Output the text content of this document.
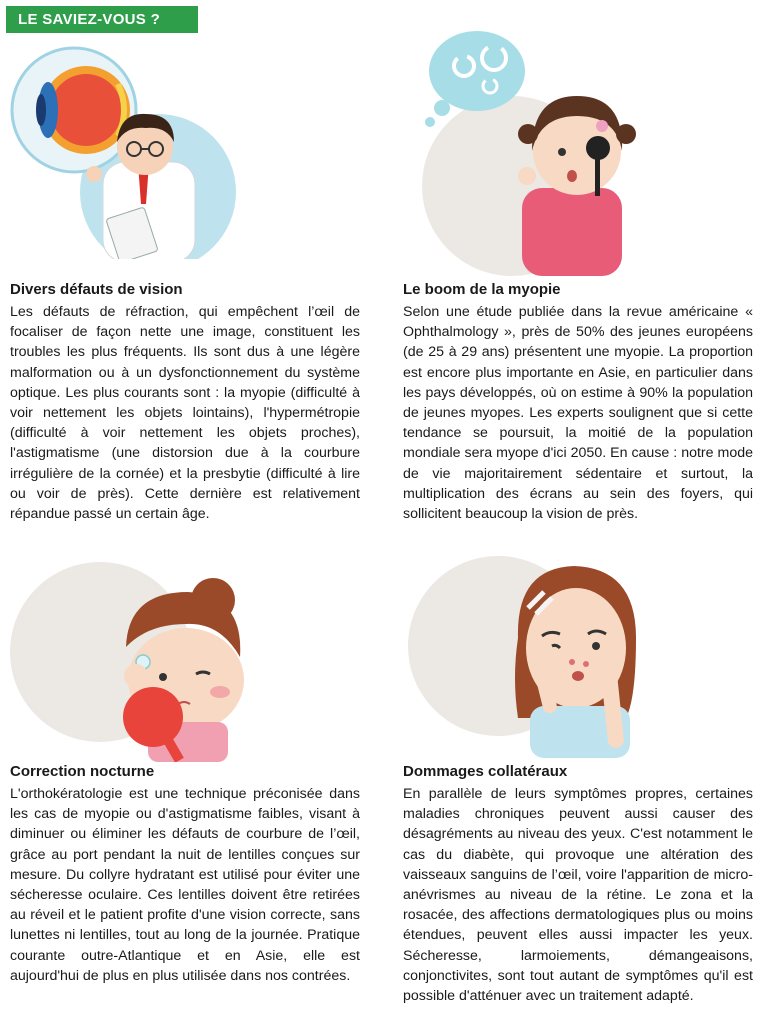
LE SAVIEZ-VOUS ?
Divers défauts de vision

Les défauts de réfraction, qui empêchent l’œil de focaliser de façon nette une image, constituent les troubles les plus fréquents. Ils sont dus à une légère malformation ou à un dysfonctionnement du système optique. Les plus courants sont : la myopie (difficulté à voir nettement les objets lointains), l'hypermétropie (difficulté à voir nettement les objets proches), l'astigmatisme (une distorsion due à la courbure irrégulière de la cornée) et la presbytie (difficulté à lire ou voir de près). Cette dernière est relativement répandue passé un certain âge.

Le boom de la myopie

Selon une étude publiée dans la revue américaine « Ophthalmology », près de 50% des jeunes européens (de 25 à 29 ans) présentent une myopie. La proportion est encore plus importante en Asie, en particulier dans les pays développés, où on estime à 90% la population de jeunes myopes. Les experts soulignent que si cette tendance se poursuit, la moitié de la population mondiale sera myope d'ici 2050. En cause : notre mode de vie majoritairement sédentaire et surtout, la multiplication des écrans au sein des foyers, qui sollicitent beaucoup la vision de près.

Correction nocturne

L'orthokératologie est une technique préconisée dans les cas de myopie ou d'astigmatisme faibles, visant à diminuer ou éliminer les défauts de courbure de l’œil, grâce au port pendant la nuit de lentilles conçues sur mesure. Du collyre hydratant est utilisé pour éviter une sécheresse oculaire. Ces lentilles doivent être retirées au réveil et le patient profite d'une vision correcte, sans lunettes ni lentilles, tout au long de la journée. Pratique courante outre-Atlantique et en Asie, elle est aujourd'hui de plus en plus utilisée dans nos contrées.

Dommages collatéraux

En parallèle de leurs symptômes propres, certaines maladies chroniques peuvent aussi causer des désagréments au niveau des yeux. C'est notamment le cas du diabète, qui provoque une altération des vaisseaux sanguins de l’œil, voire l'apparition de micro-anévrismes au niveau de la rétine. Le zona et la rosacée, des affections dermatologiques plus ou moins étendues, peuvent elles aussi impacter les yeux. Sécheresse, larmoiements, démangeaisons, conjonctivites, sont tout autant de symptômes qu'il est possible d'atténuer avec un traitement adapté.
